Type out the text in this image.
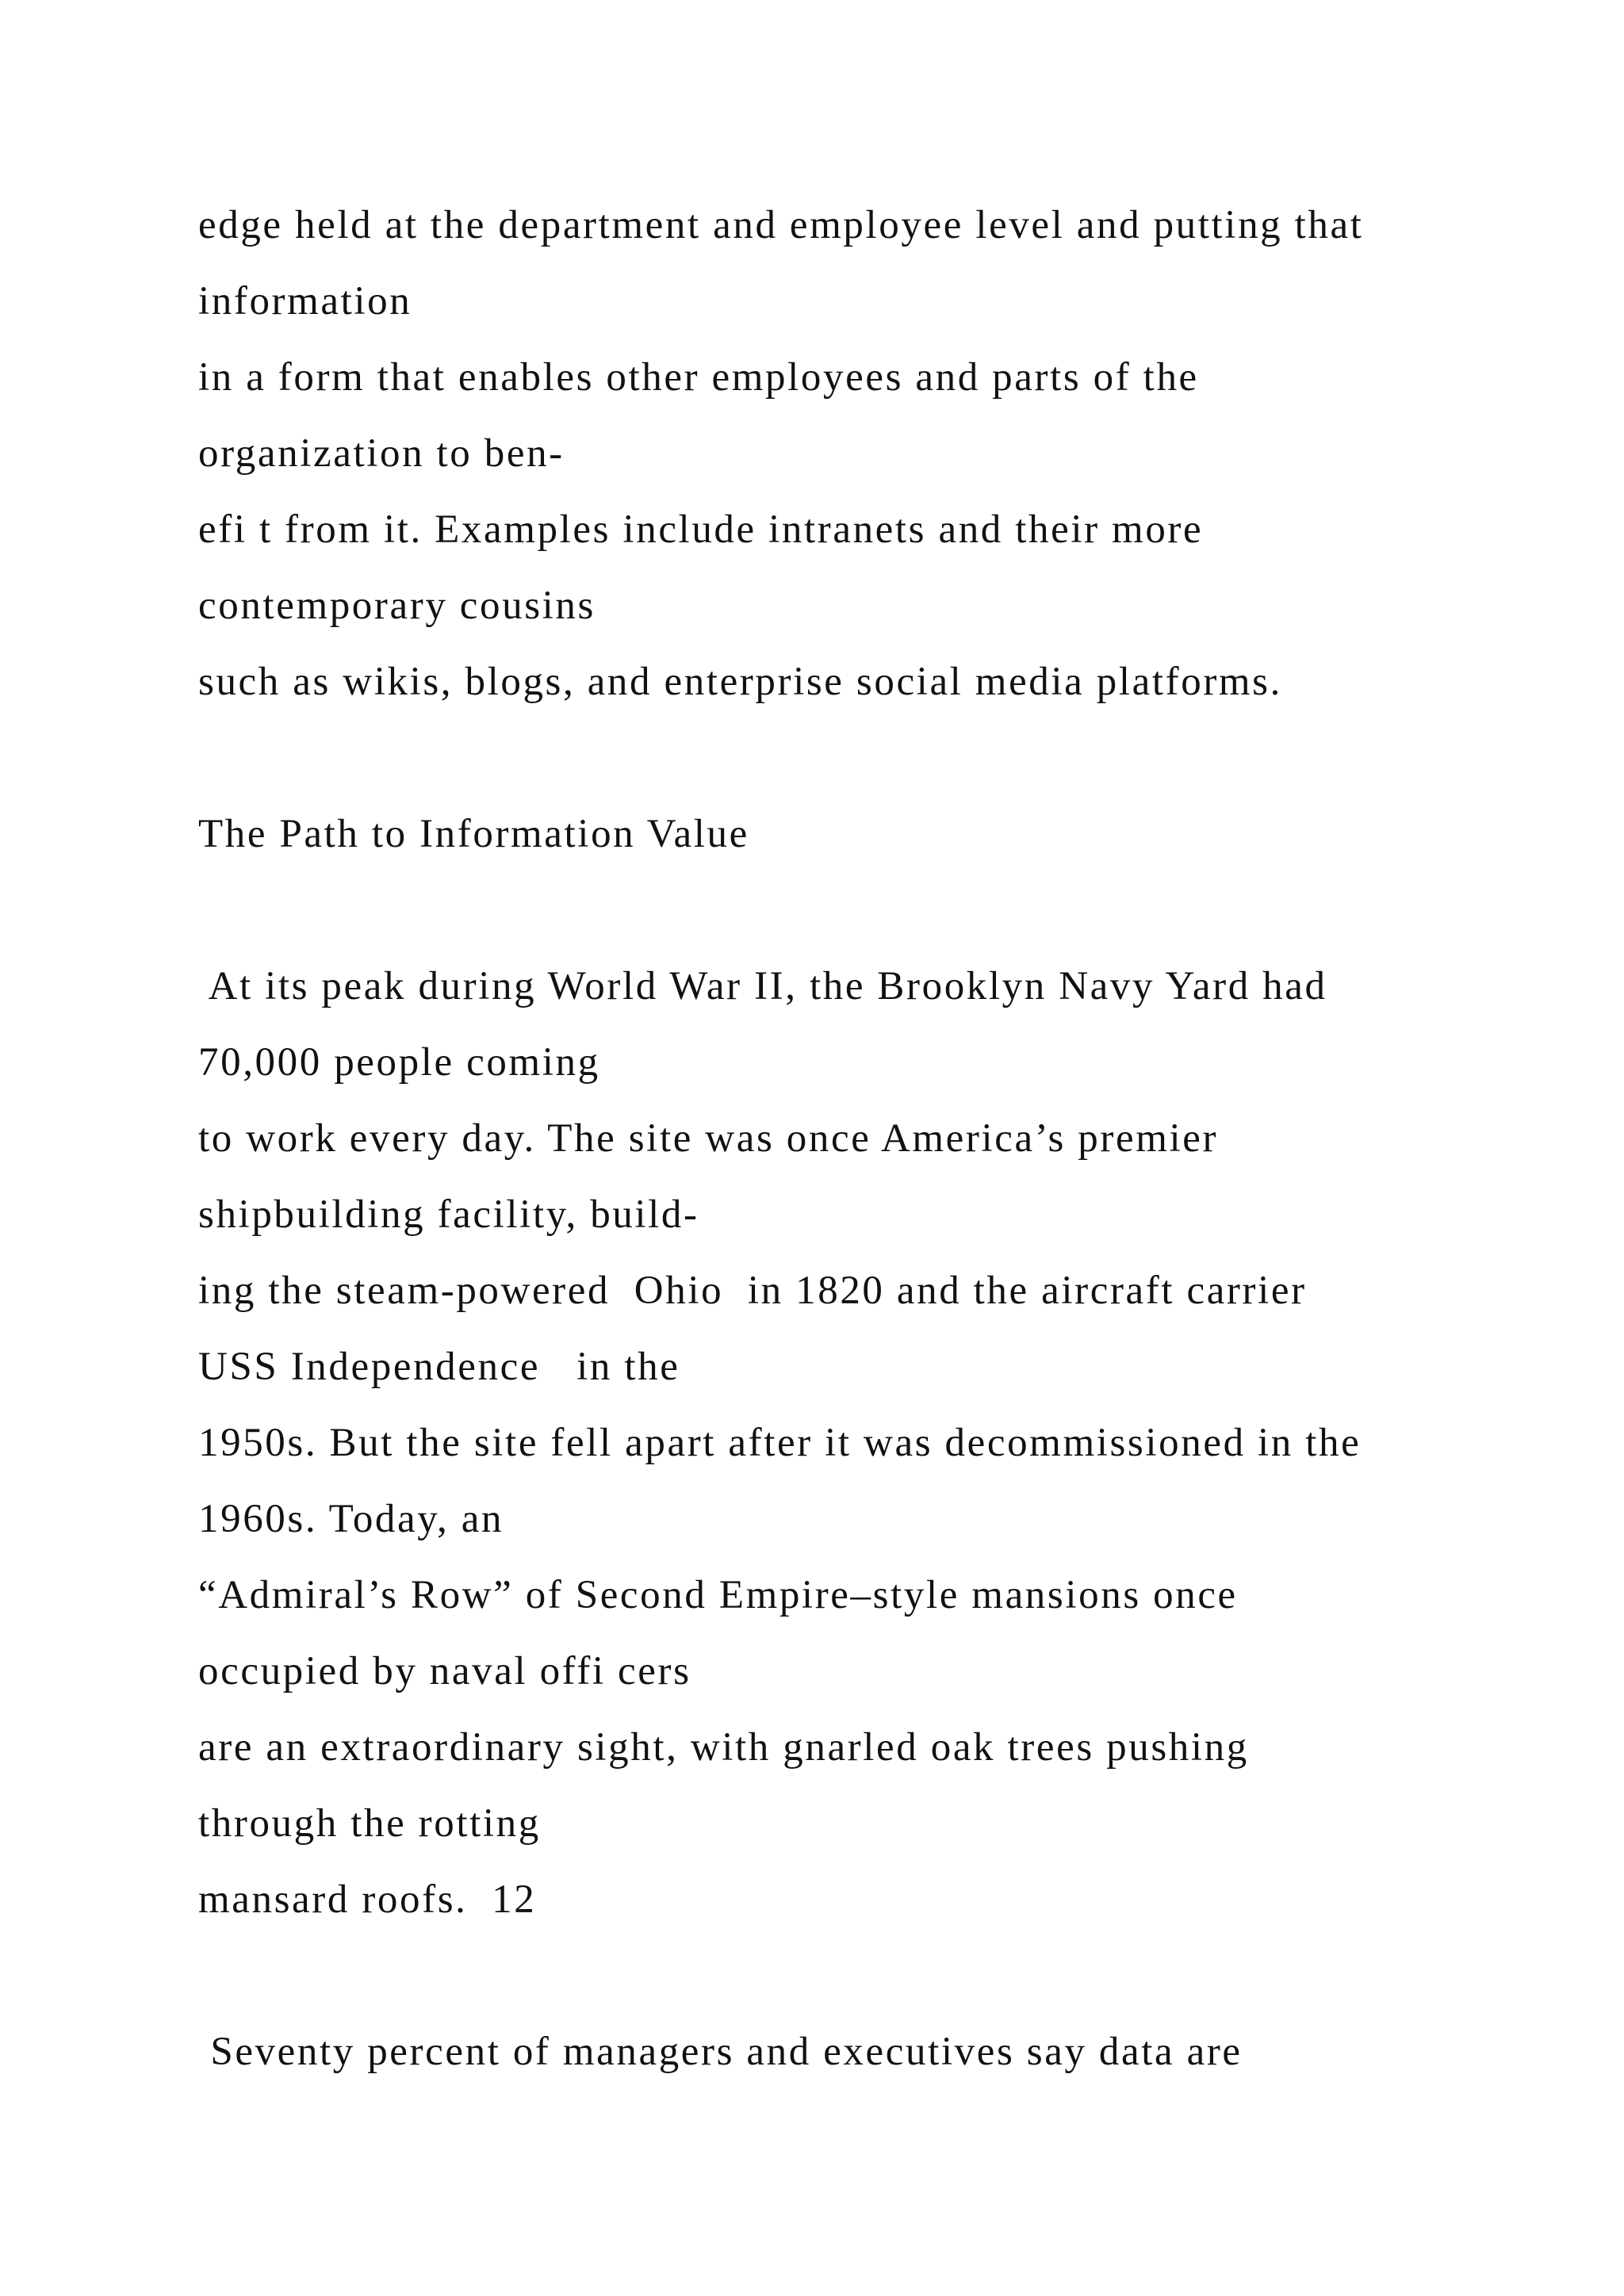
edge held at the department and employee level and putting that
information
in a form that enables other employees and parts of the
organization to ben-
efi t from it. Examples include intranets and their more
contemporary cousins
such as wikis, blogs, and enterprise social media platforms.
The Path to Information Value
At its peak during World War II, the Brooklyn Navy Yard had
70,000 people coming
to work every day. The site was once America’s premier
shipbuilding facility, build-
ing the steam-powered  Ohio  in 1820 and the aircraft carrier
USS Independence   in the
1950s. But the site fell apart after it was decommissioned in the
1960s. Today, an
“Admiral’s Row” of Second Empire–style mansions once
occupied by naval offi cers
are an extraordinary sight, with gnarled oak trees pushing
through the rotting
mansard roofs.  12
Seventy percent of managers and executives say data are
